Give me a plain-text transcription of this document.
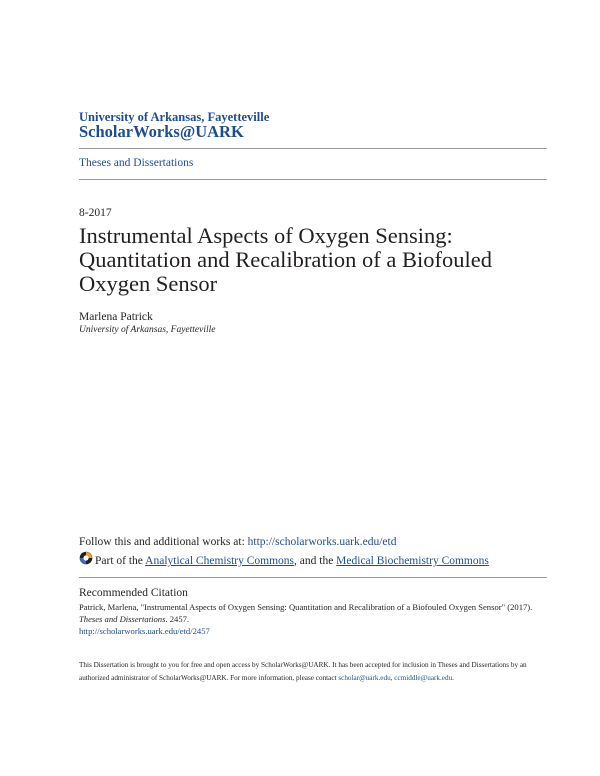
University of Arkansas, Fayetteville
ScholarWorks@UARK
Theses and Dissertations
8-2017
Instrumental Aspects of Oxygen Sensing: Quantitation and Recalibration of a Biofouled Oxygen Sensor
Marlena Patrick
University of Arkansas, Fayetteville
Follow this and additional works at: http://scholarworks.uark.edu/etd
Part of the Analytical Chemistry Commons, and the Medical Biochemistry Commons
Recommended Citation
Patrick, Marlena, "Instrumental Aspects of Oxygen Sensing: Quantitation and Recalibration of a Biofouled Oxygen Sensor" (2017).
Theses and Dissertations. 2457.
http://scholarworks.uark.edu/etd/2457
This Dissertation is brought to you for free and open access by ScholarWorks@UARK. It has been accepted for inclusion in Theses and Dissertations by an authorized administrator of ScholarWorks@UARK. For more information, please contact scholar@uark.edu, ccmiddle@uark.edu.
